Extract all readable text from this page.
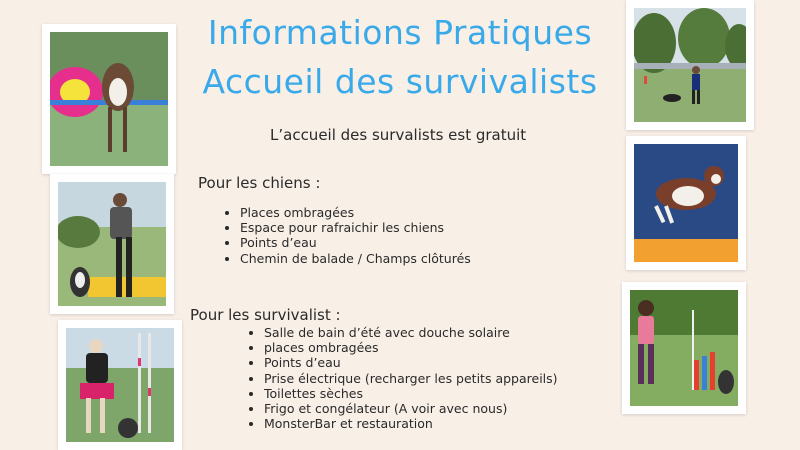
Informations Pratiques
Accueil des survivalists
L’accueil des survalists est gratuit
Pour les chiens :
• Places ombragées
• Espace pour rafraichir les chiens
• Points d’eau
• Chemin de balade / Champs clôturés
Pour les survivalist :
• Salle de bain d’été avec douche solaire
• places ombragées
• Points d’eau
• Prise électrique (recharger les petits appareils)
• Toilettes sèches
• Frigo et congélateur (A voir avec nous)
• MonsterBar et restauration
